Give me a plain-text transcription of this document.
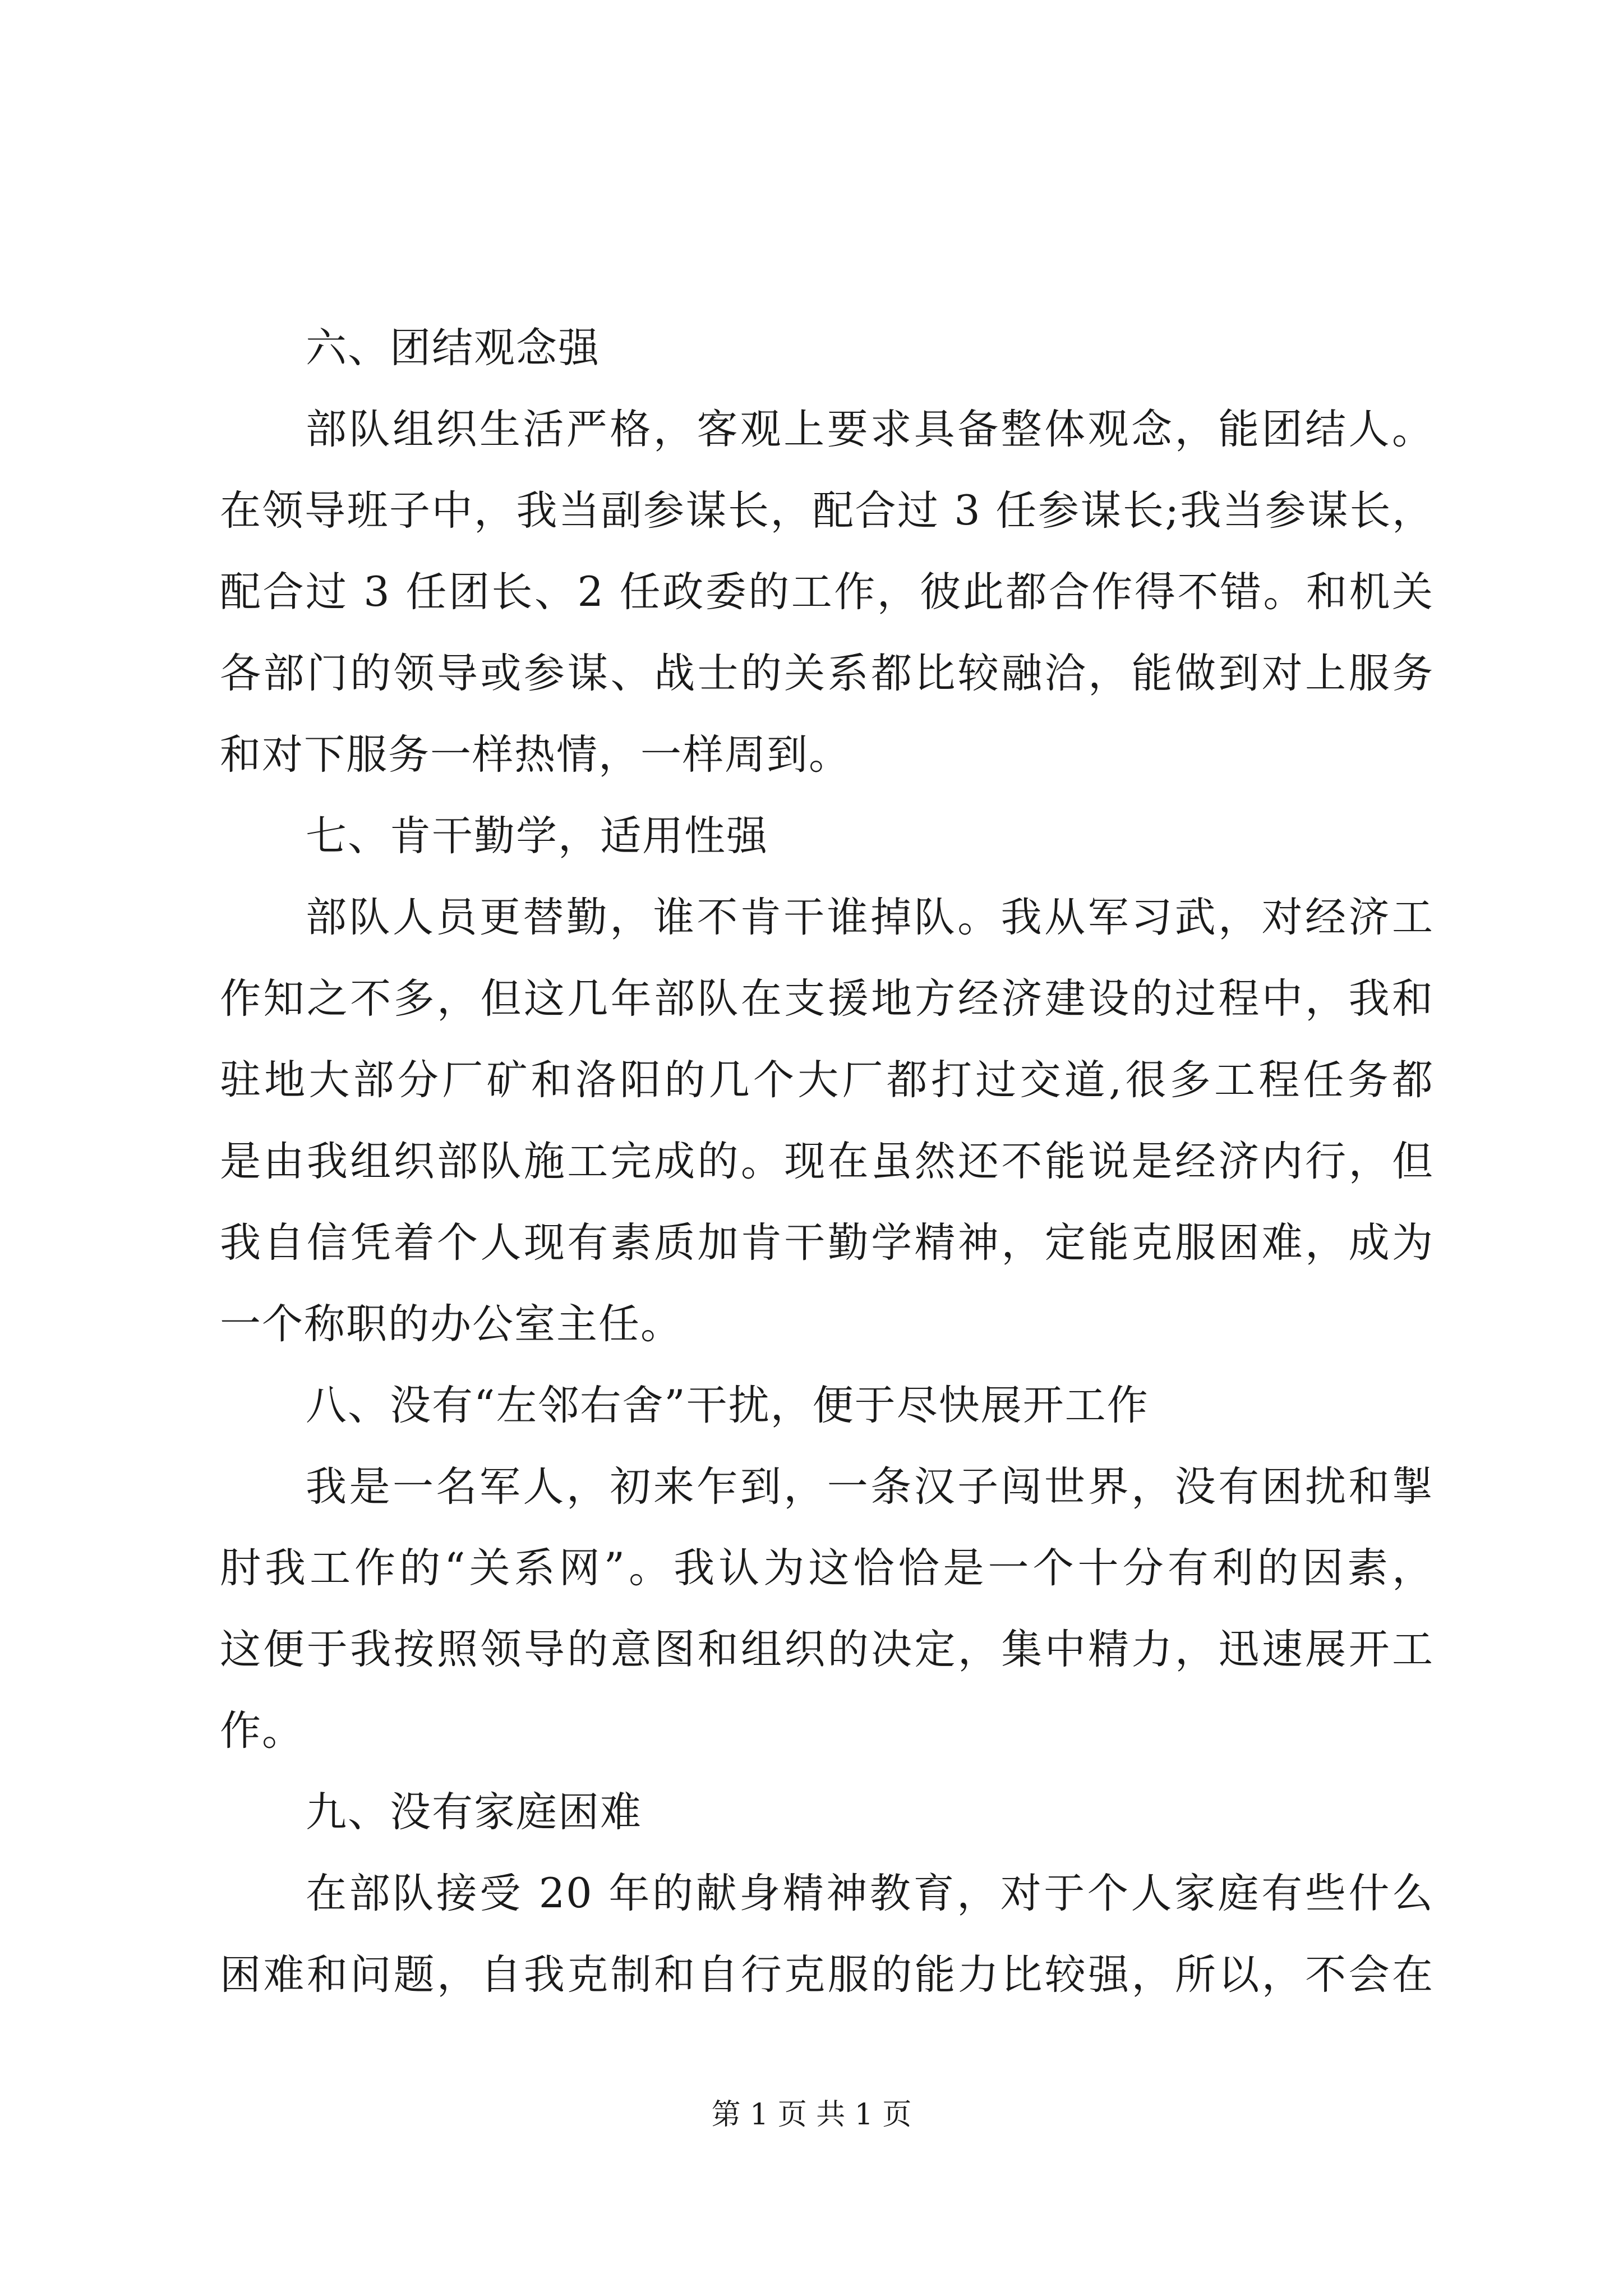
六、团结观念强
部队组织生活严格，客观上要求具备整体观念，能团结人。
在领导班子中，我当副参谋长，配合过 3 任参谋长;我当参谋长，
配合过 3 任团长、2 任政委的工作，彼此都合作得不错。和机关
各部门的领导或参谋、战士的关系都比较融洽，能做到对上服务
和对下服务一样热情，一样周到。
七、肯干勤学，适用性强
部队人员更替勤，谁不肯干谁掉队。我从军习武，对经济工
作知之不多，但这几年部队在支援地方经济建设的过程中，我和
驻地大部分厂矿和洛阳的几个大厂都打过交道,很多工程任务都
是由我组织部队施工完成的。现在虽然还不能说是经济内行，但
我自信凭着个人现有素质加肯干勤学精神，定能克服困难，成为
一个称职的办公室主任。
八、没有“左邻右舍”干扰，便于尽快展开工作
我是一名军人，初来乍到，一条汉子闯世界，没有困扰和掣
肘我工作的“关系网”。我认为这恰恰是一个十分有利的因素，
这便于我按照领导的意图和组织的决定，集中精力，迅速展开工
作。
九、没有家庭困难
在部队接受 20 年的献身精神教育，对于个人家庭有些什么
困难和问题，自我克制和自行克服的能力比较强，所以，不会在
第 1 页 共 1 页
